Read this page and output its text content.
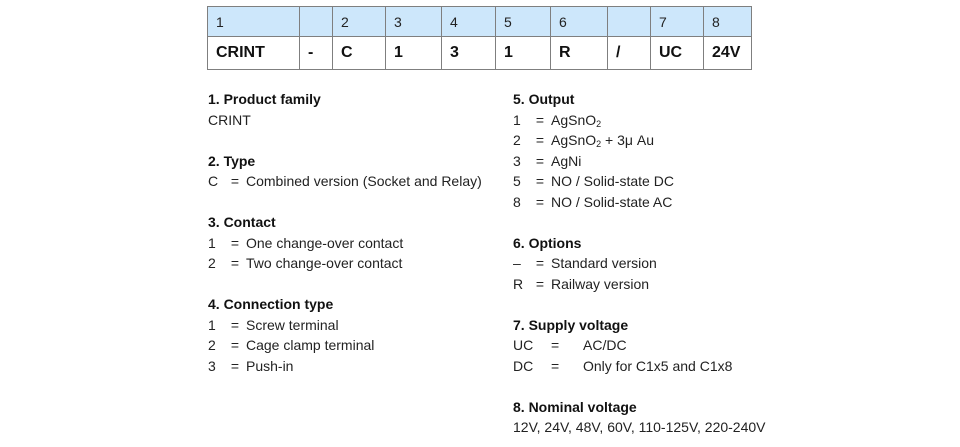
1		2	3	4	5	6		7	8
CRINT	-	C	1	3	1	R	/	UC	24V
1. Product family
CRINT
2. Type
C = Combined version (Socket and Relay)
3. Contact
1	= One change-over contact
2	= Two change-over contact
4. Connection type
1	= Screw terminal
2	= Cage clamp terminal
3	= Push-in
5. Output
1	= AgSnO$_2$
2	= AgSnO$_2$ + 3μ Au
3	= AgNi
5	= NO / Solid-state DC
8	= NO / Solid-state AC
6. Options
–	= Standard version
R = Railway version
7. Supply voltage
UC	=	AC/DC
DC	=	Only for C1x5 and C1x8
8. Nominal voltage
12V, 24V, 48V, 60V, 110-125V, 220-240V
